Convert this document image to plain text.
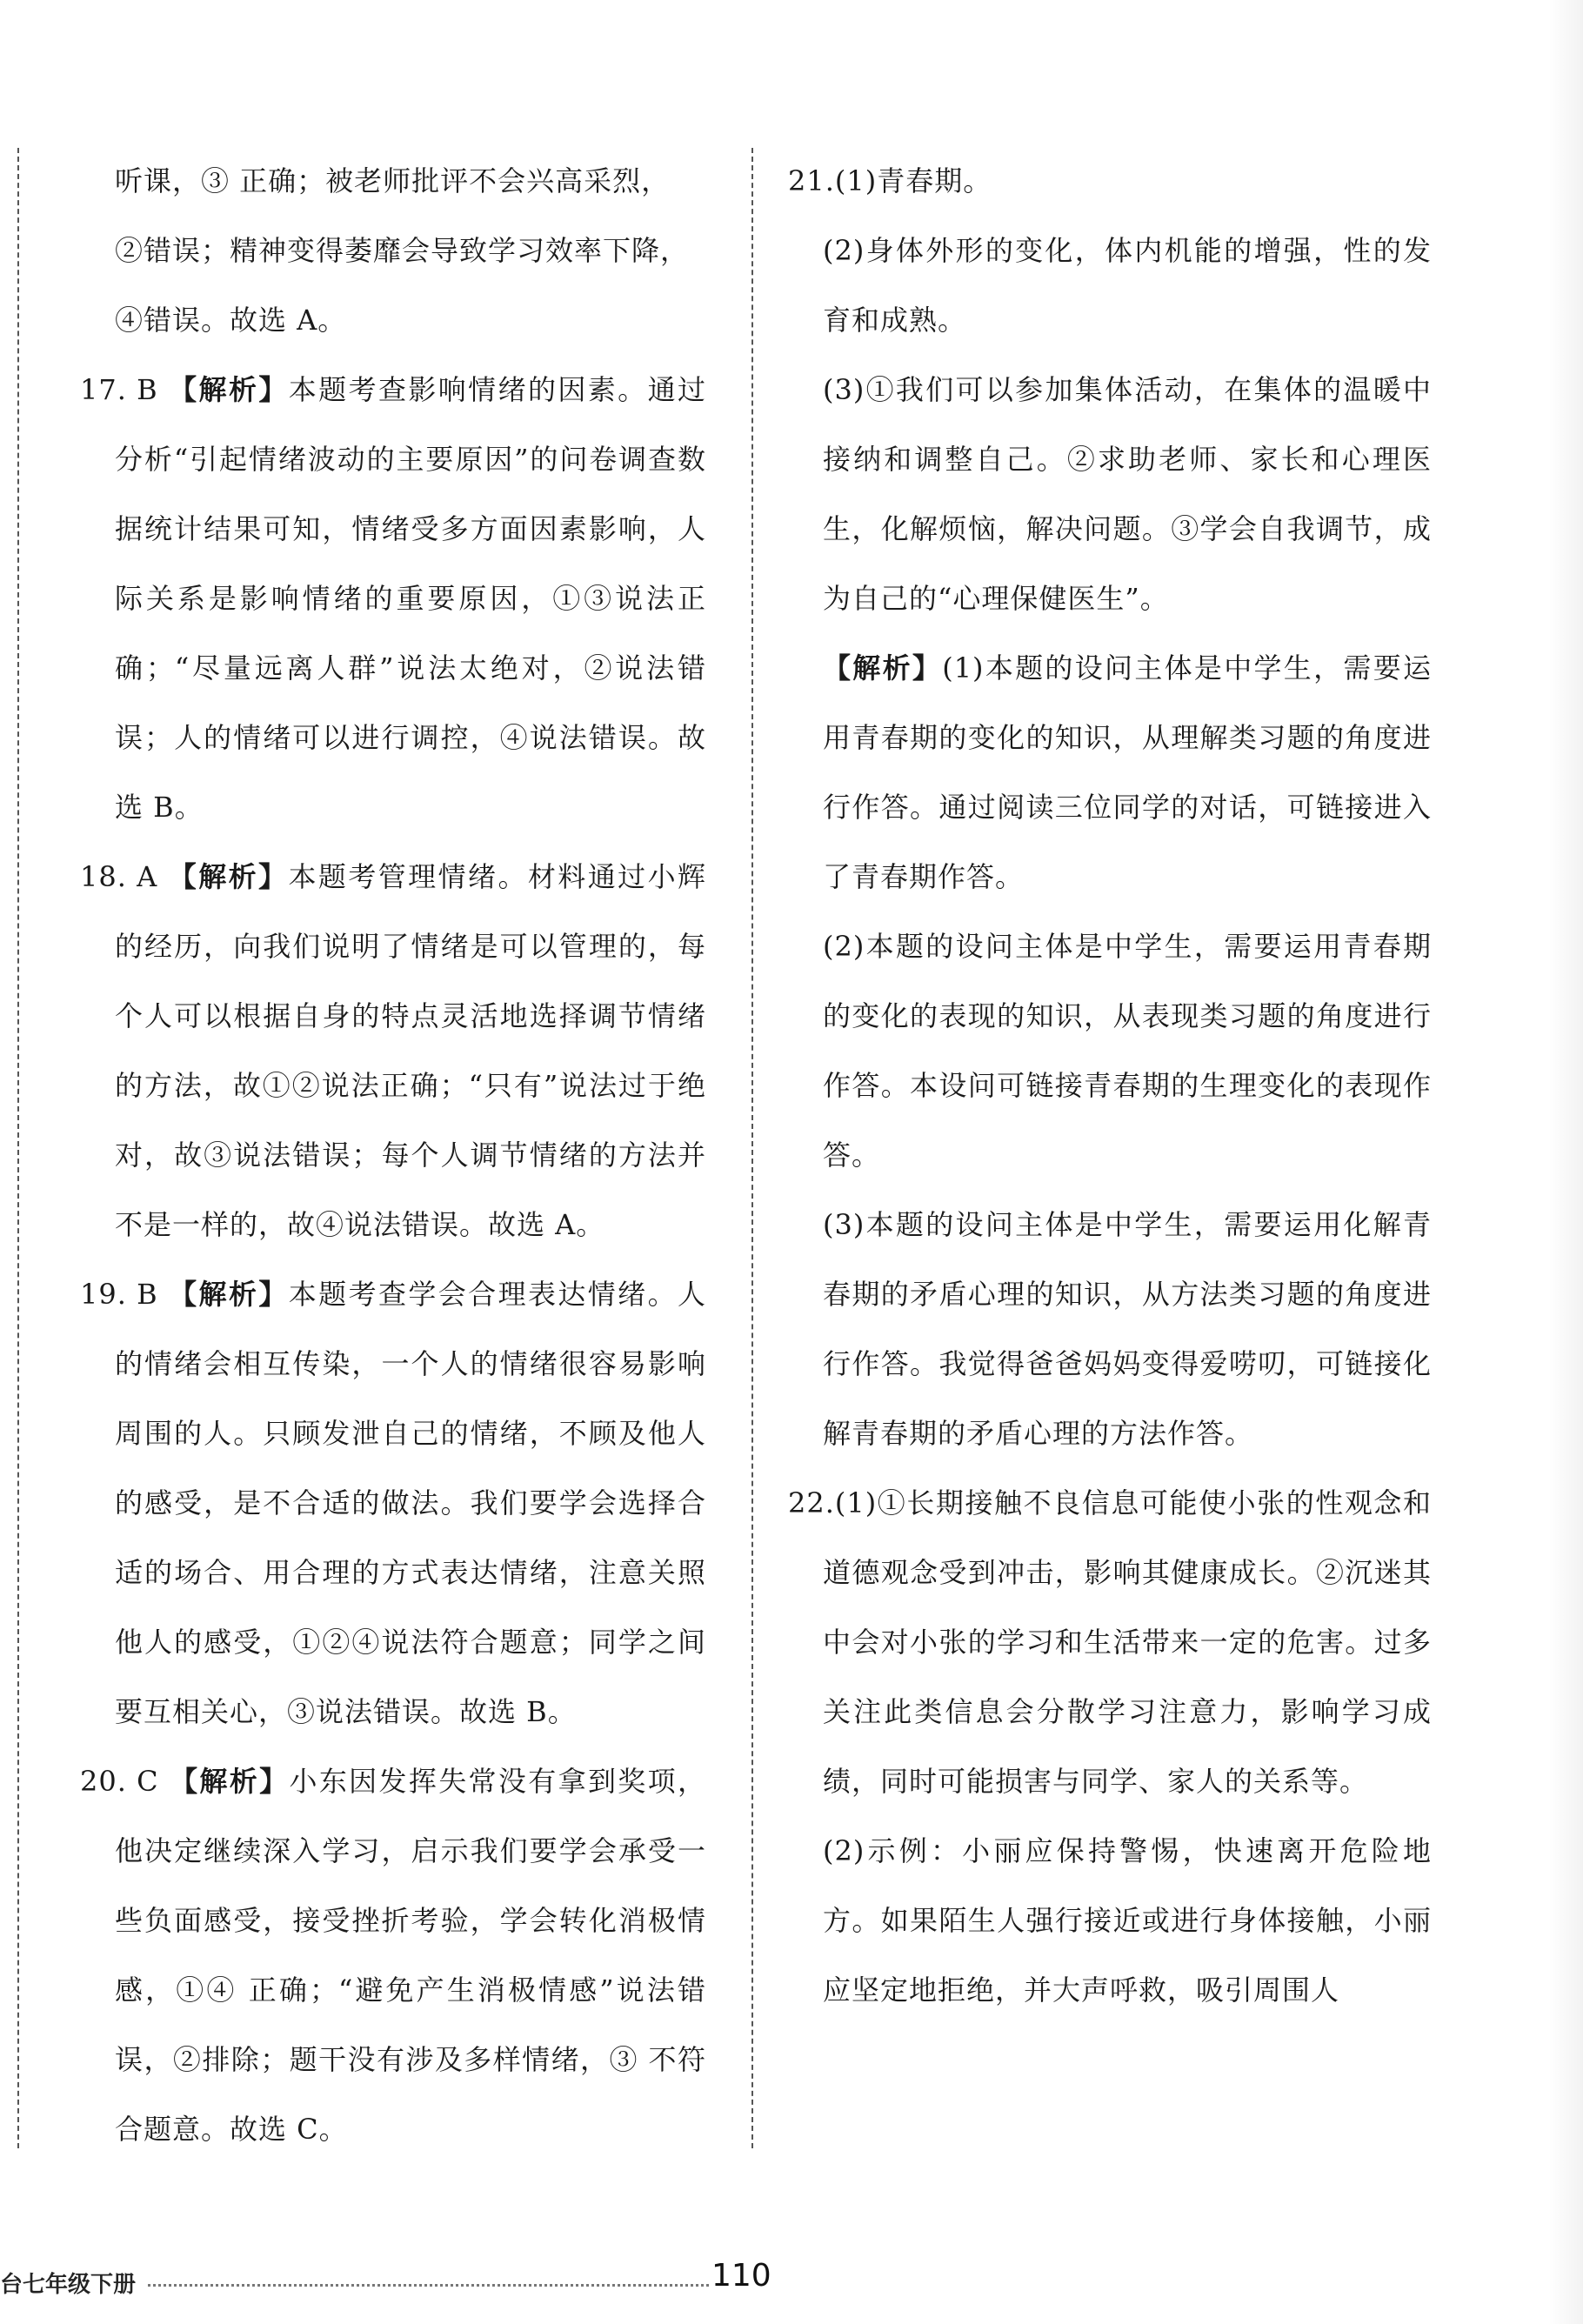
听课，③ 正确；被老师批评不会兴高采烈，
②错误；精神变得萎靡会导致学习效率下降，
④错误。故选 A。

17. B 【解析】本题考查影响情绪的因素。通过分析“引起情绪波动的主要原因”的问卷调查数据统计结果可知，情绪受多方面因素影响，人际关系是影响情绪的重要原因，①③说法正确；“尽量远离人群”说法太绝对，②说法错误；人的情绪可以进行调控，④说法错误。故选 B。

18. A 【解析】本题考管理情绪。材料通过小辉的经历，向我们说明了情绪是可以管理的，每个人可以根据自身的特点灵活地选择调节情绪的方法，故①②说法正确；“只有”说法过于绝对，故③说法错误；每个人调节情绪的方法并不是一样的，故④说法错误。故选 A。

19. B 【解析】本题考查学会合理表达情绪。人的情绪会相互传染，一个人的情绪很容易影响周围的人。只顾发泄自己的情绪，不顾及他人的感受，是不合适的做法。我们要学会选择合适的场合、用合理的方式表达情绪，注意关照他人的感受，①②④说法符合题意；同学之间要互相关心，③说法错误。故选 B。

20. C 【解析】小东因发挥失常没有拿到奖项，他决定继续深入学习，启示我们要学会承受一些负面感受，接受挫折考验，学会转化消极情感，①④ 正确；“避免产生消极情感”说法错误，②排除；题干没有涉及多样情绪，③ 不符合题意。故选 C。

21.(1)青春期。

(2)身体外形的变化，体内机能的增强，性的发育和成熟。

(3)①我们可以参加集体活动，在集体的温暖中接纳和调整自己。②求助老师、家长和心理医生，化解烦恼，解决问题。③学会自我调节，成为自己的“心理保健医生”。

【解析】(1)本题的设问主体是中学生，需要运用青春期的变化的知识，从理解类习题的角度进行作答。通过阅读三位同学的对话，可链接进入了青春期作答。

(2)本题的设问主体是中学生，需要运用青春期的变化的表现的知识，从表现类习题的角度进行作答。本设问可链接青春期的生理变化的表现作答。

(3)本题的设问主体是中学生，需要运用化解青春期的矛盾心理的知识，从方法类习题的角度进行作答。我觉得爸爸妈妈变得爱唠叨，可链接化解青春期的矛盾心理的方法作答。

22.(1)①长期接触不良信息可能使小张的性观念和道德观念受到冲击，影响其健康成长。②沉迷其中会对小张的学习和生活带来一定的危害。过多关注此类信息会分散学习注意力，影响学习成绩，同时可能损害与同学、家人的关系等。

(2)示例：小丽应保持警惕，快速离开危险地方。如果陌生人强行接近或进行身体接触，小丽应坚定地拒绝，并大声呼救，吸引周围人

台七年级下册	110
